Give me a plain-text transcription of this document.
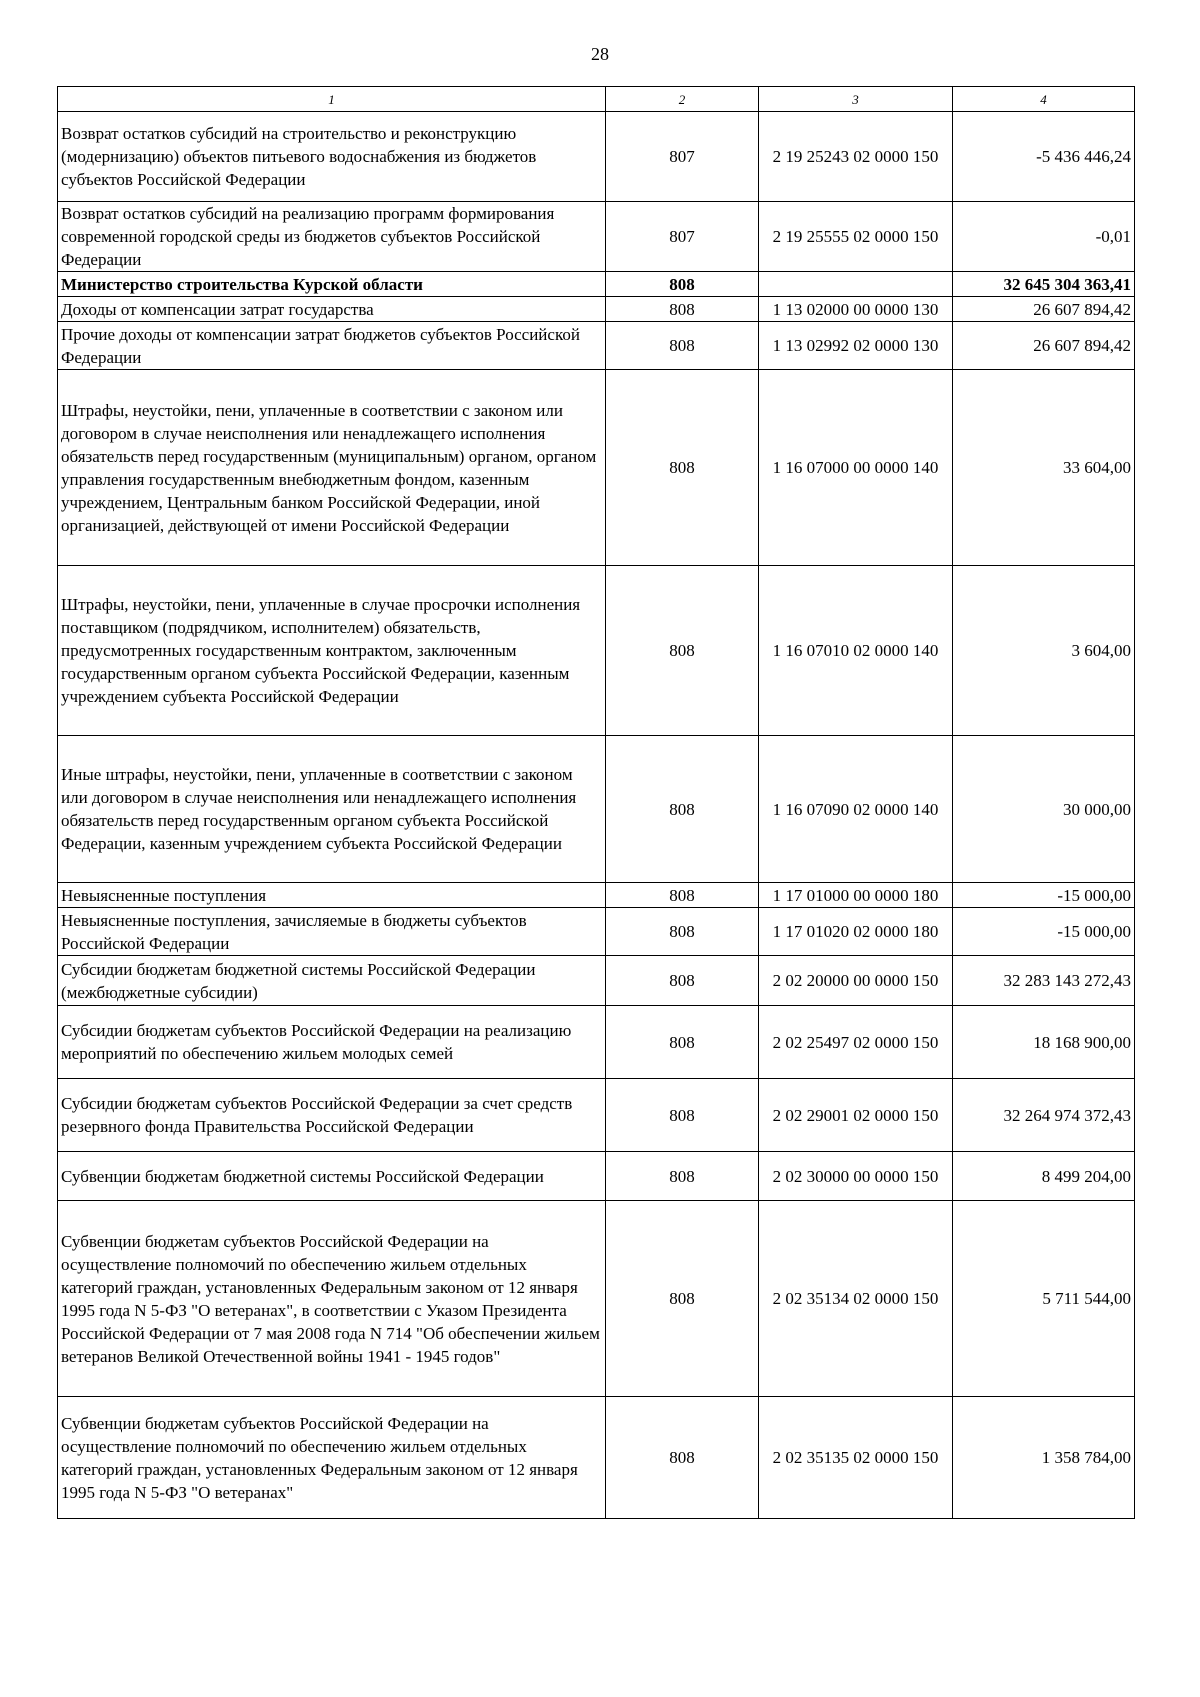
28
1	2	3	4
Возврат остатков субсидий на строительство и реконструкцию (модернизацию) объектов питьевого водоснабжения из бюджетов субъектов Российской Федерации	807	2 19 25243 02 0000 150	-5 436 446,24
Возврат остатков субсидий на реализацию программ формирования современной городской среды из бюджетов субъектов Российской Федерации	807	2 19 25555 02 0000 150	-0,01
Министерство строительства Курской области	808		32 645 304 363,41
Доходы от компенсации затрат государства	808	1 13 02000 00 0000 130	26 607 894,42
Прочие доходы от компенсации затрат бюджетов субъектов Российской Федерации	808	1 13 02992 02 0000 130	26 607 894,42
Штрафы, неустойки, пени, уплаченные в соответствии с законом или договором в случае неисполнения или ненадлежащего исполнения обязательств перед государственным (муниципальным) органом, органом управления государственным внебюджетным фондом, казенным учреждением, Центральным банком Российской Федерации, иной организацией, действующей от имени Российской Федерации	808	1 16 07000 00 0000 140	33 604,00
Штрафы, неустойки, пени, уплаченные в случае просрочки исполнения поставщиком (подрядчиком, исполнителем) обязательств, предусмотренных государственным контрактом, заключенным государственным органом субъекта Российской Федерации, казенным учреждением субъекта Российской Федерации	808	1 16 07010 02 0000 140	3 604,00
Иные штрафы, неустойки, пени, уплаченные в соответствии с законом или договором в случае неисполнения или ненадлежащего исполнения обязательств перед государственным органом субъекта Российской Федерации, казенным учреждением субъекта Российской Федерации	808	1 16 07090 02 0000 140	30 000,00
Невыясненные поступления	808	1 17 01000 00 0000 180	-15 000,00
Невыясненные поступления, зачисляемые в бюджеты субъектов Российской Федерации	808	1 17 01020 02 0000 180	-15 000,00
Субсидии бюджетам бюджетной системы Российской Федерации (межбюджетные субсидии)	808	2 02 20000 00 0000 150	32 283 143 272,43
Субсидии бюджетам субъектов Российской Федерации на реализацию мероприятий по обеспечению жильем молодых семей	808	2 02 25497 02 0000 150	18 168 900,00
Субсидии бюджетам субъектов Российской Федерации за счет средств резервного фонда Правительства Российской Федерации	808	2 02 29001 02 0000 150	32 264 974 372,43
Субвенции бюджетам бюджетной системы Российской Федерации	808	2 02 30000 00 0000 150	8 499 204,00
Субвенции бюджетам субъектов Российской Федерации на осуществление полномочий по обеспечению жильем отдельных категорий граждан, установленных Федеральным законом от 12 января 1995 года N 5-ФЗ "О ветеранах", в соответствии с Указом Президента Российской Федерации от 7 мая 2008 года N 714 "Об обеспечении жильем ветеранов Великой Отечественной войны 1941 - 1945 годов"	808	2 02 35134 02 0000 150	5 711 544,00
Субвенции бюджетам субъектов Российской Федерации на осуществление полномочий по обеспечению жильем отдельных категорий граждан, установленных Федеральным законом от 12 января 1995 года N 5-ФЗ "О ветеранах"	808	2 02 35135 02 0000 150	1 358 784,00
